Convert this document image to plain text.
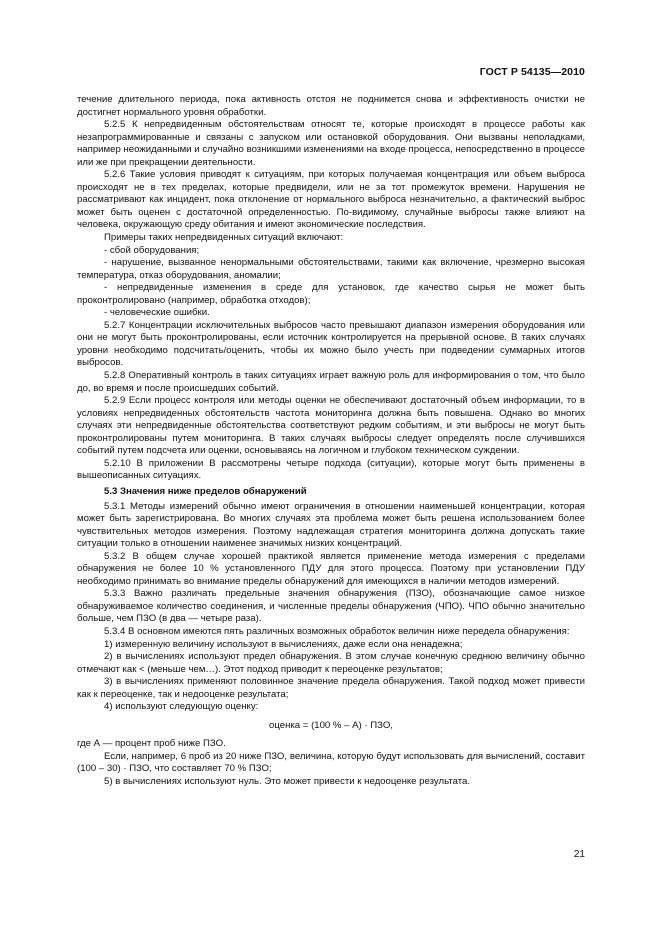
ГОСТ Р 54135—2010

течение длительного периода, пока активность отстоя не поднимется снова и эффективность очистки не достигнет нормального уровня обработки.

5.2.5 К непредвиденным обстоятельствам относят те, которые происходят в процессе работы как незапрограммированные и связаны с запуском или остановкой оборудования. Они вызваны неполадками, например неожиданными и случайно возникшими изменениями на входе процесса, непосредственно в процессе или же при прекращении деятельности.

5.2.6 Такие условия приводят к ситуациям, при которых получаемая концентрация или объем выброса происходят не в тех пределах, которые предвидели, или не за тот промежуток времени. Нарушения не рассматривают как инцидент, пока отклонение от нормального выброса незначительно, а фактический выброс может быть оценен с достаточной определенностью. По-видимому, случайные выбросы также влияют на человека, окружающую среду обитания и имеют экономические последствия.

Примеры таких непредвиденных ситуаций включают:

- сбой оборудования;

- нарушение, вызванное ненормальными обстоятельствами, такими как включение, чрезмерно высокая температура, отказ оборудования, аномалии;

- непредвиденные изменения в среде для установок, где качество сырья не может быть проконтролировано (например, обработка отходов);

- человеческие ошибки.

5.2.7 Концентрации исключительных выбросов часто превышают диапазон измерения оборудования или они не могут быть проконтролированы, если источник контролируется на прерывной основе. В таких случаях уровни необходимо подсчитать/оценить, чтобы их можно было учесть при подведении суммарных итогов выбросов.

5.2.8 Оперативный контроль в таких ситуациях играет важную роль для информирования о том, что было до, во время и после происшедших событий.

5.2.9 Если процесс контроля или методы оценки не обеспечивают достаточный объем информации, то в условиях непредвиденных обстоятельств частота мониторинга должна быть повышена. Однако во многих случаях эти непредвиденные обстоятельства соответствуют редким событиям, и эти выбросы не могут быть проконтролированы путем мониторинга. В таких случаях выбросы следует определять после случившихся событий путем подсчета или оценки, основываясь на логичном и глубоком техническом суждении.

5.2.10 В приложении В рассмотрены четыре подхода (ситуации), которые могут быть применены в вышеописанных ситуациях.

5.3 Значения ниже пределов обнаружений

5.3.1 Методы измерений обычно имеют ограничения в отношении наименьшей концентрации, которая может быть зарегистрирована. Во многих случаях эта проблема может быть решена использованием более чувствительных методов измерения. Поэтому надлежащая стратегия мониторинга должна допускать такие ситуации только в отношении наименее значимых низких концентраций.

5.3.2 В общем случае хорошей практикой является применение метода измерения с пределами обнаружения не более 10 % установленного ПДУ для этого процесса. Поэтому при установлении ПДУ необходимо принимать во внимание пределы обнаружений для имеющихся в наличии методов измерений.

5.3.3 Важно различать предельные значения обнаружения (ПЗО), обозначающие самое низкое обнаруживаемое количество соединения, и численные пределы обнаружения (ЧПО). ЧПО обычно значительно больше, чем ПЗО (в два — четыре раза).

5.3.4 В основном имеются пять различных возможных обработок величин ниже передела обнаружения:

1) измеренную величину используют в вычислениях, даже если она ненадежна;

2) в вычислениях используют предел обнаружения. В этом случае конечную среднюю величину обычно отмечают как < (меньше чем…). Этот подход приводит к переоценке результатов;

3) в вычислениях применяют половинное значение предела обнаружения. Такой подход может привести как к переоценке, так и недооценке результата;

4) используют следующую оценку:

оценка = (100 % – А) · ПЗО,

где А — процент проб ниже ПЗО.

Если, например, 6 проб из 20 ниже ПЗО, величина, которую будут использовать для вычислений, составит (100 – 30) · ПЗО, что составляет 70 % ПЗО;

5) в вычислениях используют нуль. Это может привести к недооценке результата.

21
